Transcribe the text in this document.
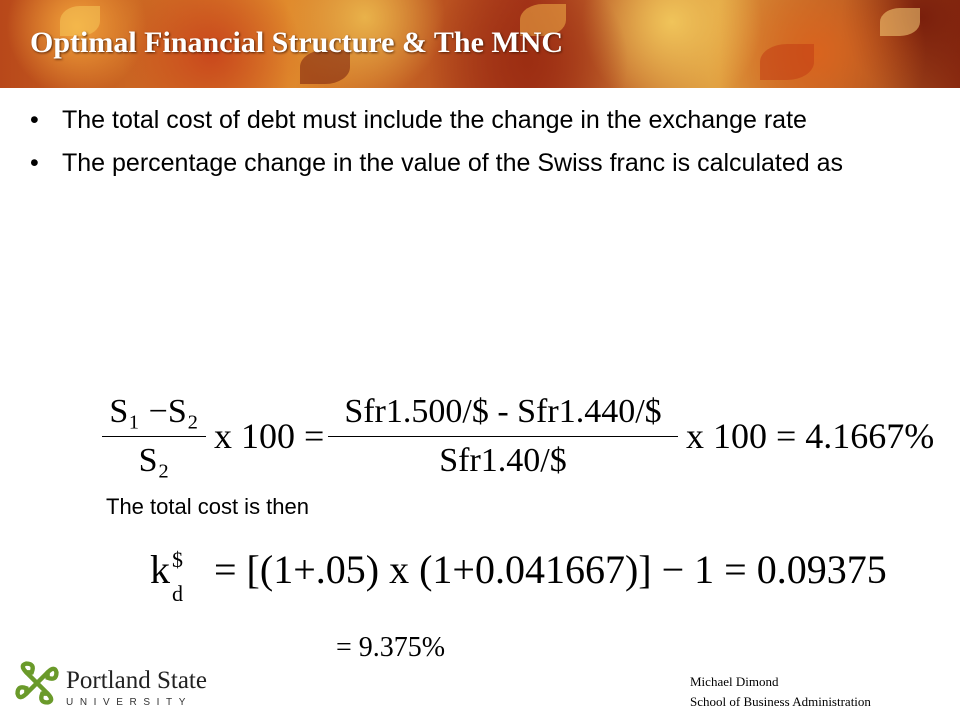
Optimal Financial Structure & The MNC
• The total cost of debt must include the change in the exchange rate
• The percentage change in the value of the Swiss franc is calculated as
S₁ −S₂
S₂
x 100 =
Sfr1.500/$ - Sfr1.440/$
Sfr1.40/$
x 100 = 4.1667%
The total cost is then
k $
d
= [(1+.05) x (1+0.041667)] − 1 = 0.09375
= 9.375%
Portland State
UNIVERSITY
Michael Dimond
School of Business Administration
